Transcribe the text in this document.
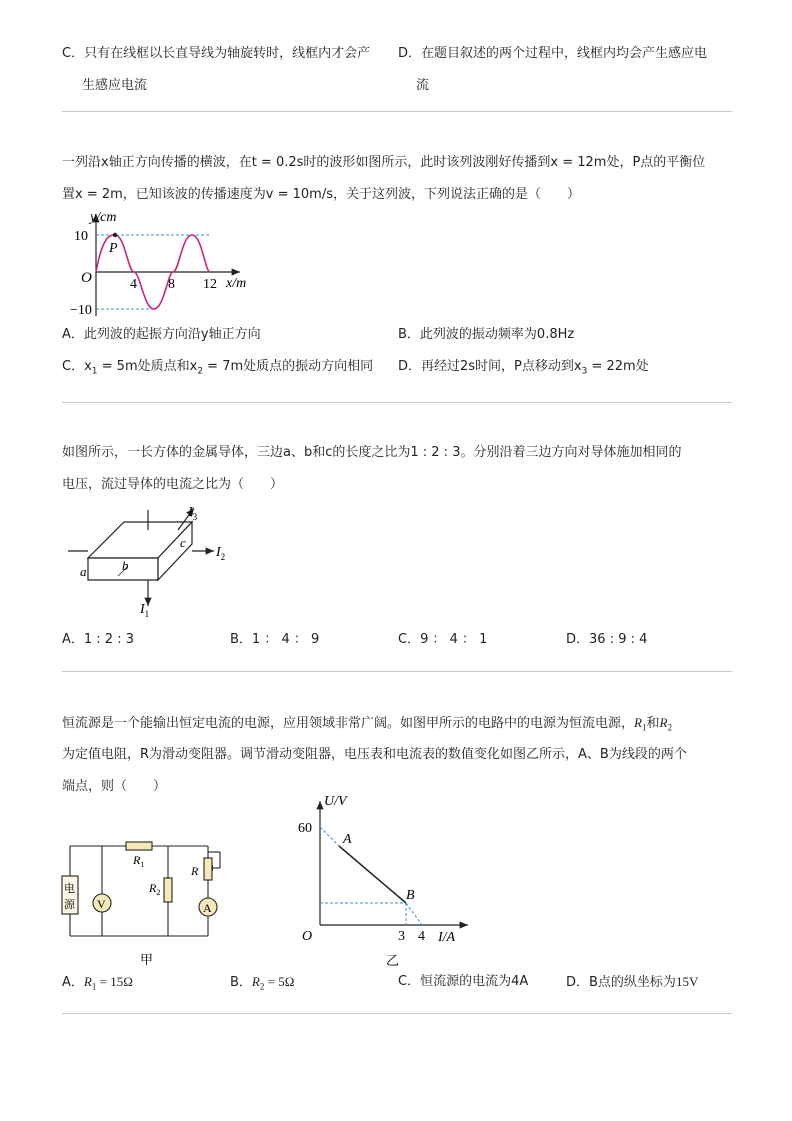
C．只有在线框以长直导线为轴旋转时，线框内才会产
生感应电流
D．在题目叙述的两个过程中，线框内均会产生感应电
流
一列沿x轴正方向传播的横波，在t = 0.2s时的波形如图所示，此时该列波刚好传播到x = 12m处，P点的平衡位
置x = 2m，已知该波的传播速度为v = 10m/s，关于这列波，下列说法正确的是（　　）
y/cm
10
−10
O
P
4 8 12 x/m
A．此列波的起振方向沿y轴正方向	B．此列波的振动频率为0.8Hz
C．$x_1 = 5m$处质点和$x_2 = 7m$处质点的振动方向相同 D．再经过2s时间，P点移动到$x_3 = 22m$处
如图所示，一长方体的金属导体，三边a、b和c的长度之比为1 : 2 : 3。分别沿着三边方向对导体施加相同的
电压，流过导体的电流之比为（　　）
a	b
c
$I_1$
$I_2$
$I_3$
A．1 : 2 : 3	B．1 ： 4 ： 9	C．9 ： 4 ： 1	D．36 : 9 : 4
恒流源是一个能输出恒定电流的电源，应用领域非常广阔。如图甲所示的电路中的电源为恒流电源，$R_1$和$R_2$
为定值电阻，R为滑动变阻器。调节滑动变阻器，电压表和电流表的数值变化如图乙所示，A、B为线段的两个
端点，则（　　）
电
源 V	A
$R_1$
$R_2$
R
甲
U/V
60
O	3 4 I/A
A
B
乙
A．$R_1 = 15\Omega$	B．$R_2 = 5\Omega$	C．恒流源的电流为4A	D．B点的纵坐标为15V
